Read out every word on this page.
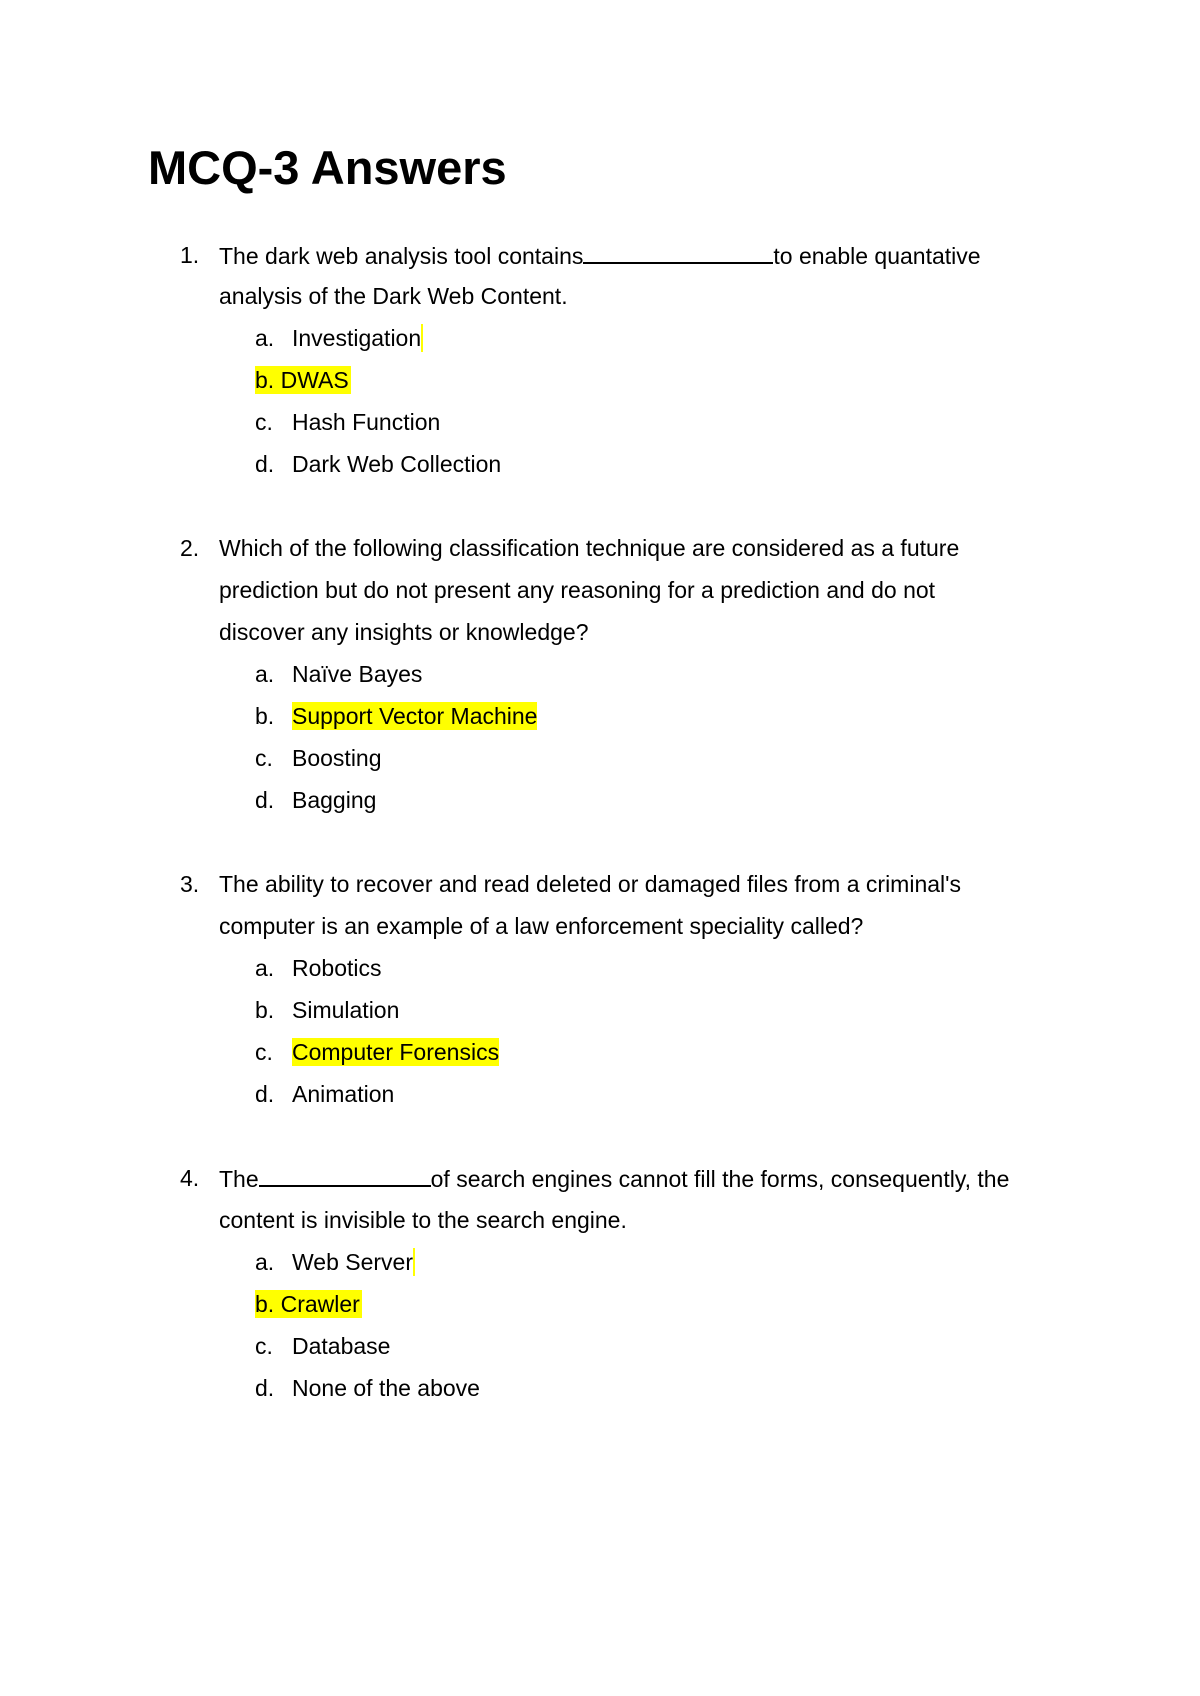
MCQ-3 Answers
1. The dark web analysis tool contains	to enable quantative
analysis of the Dark Web Content.
a. Investigation
b. DWAS
c. Hash Function
d. Dark Web Collection
2. Which of the following classification technique are considered as a future
prediction but do not present any reasoning for a prediction and do not
discover any insights or knowledge?
a. Naïve Bayes
b. Support Vector Machine
c. Boosting
d. Bagging
3. The ability to recover and read deleted or damaged files from a criminal's
computer is an example of a law enforcement speciality called?
a. Robotics
b. Simulation
c. Computer Forensics
d. Animation
4. The	of search engines cannot fill the forms, consequently, the
content is invisible to the search engine.
a. Web Server
b. Crawler
c. Database
d. None of the above
